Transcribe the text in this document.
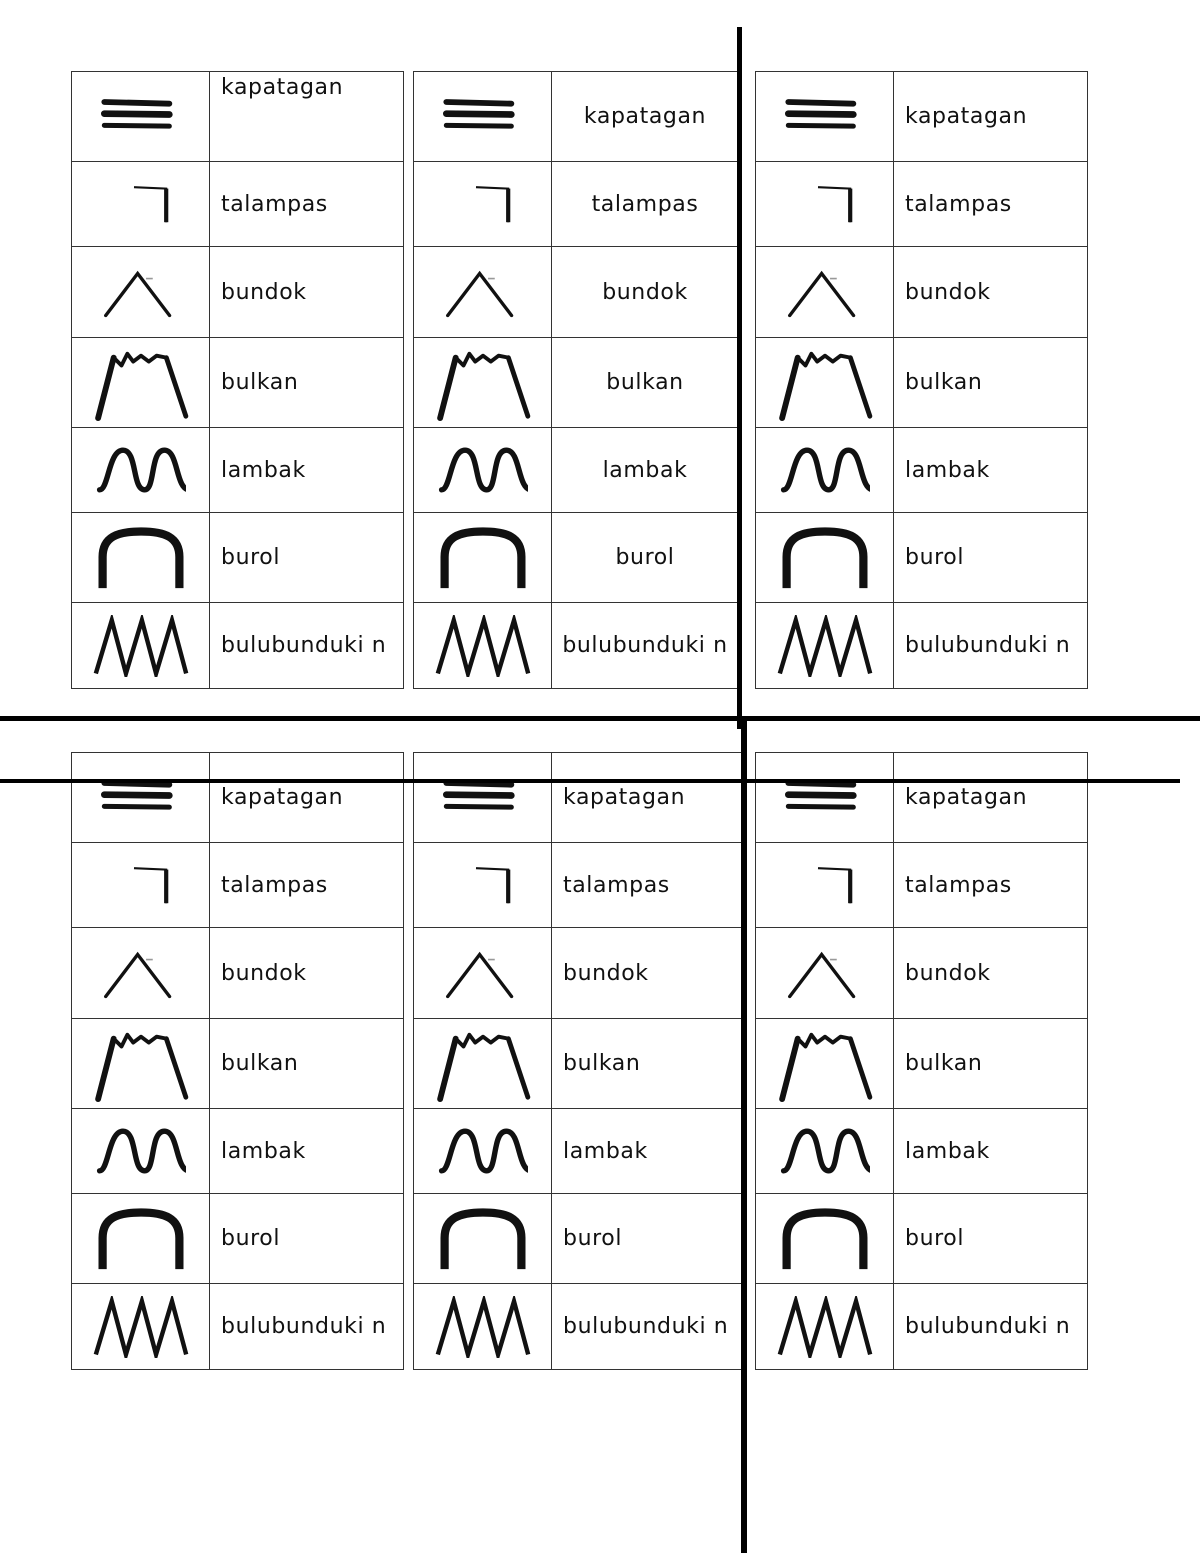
	kapatagan

	talampas

	bundok

	bulkan

	lambak

	burol

	bulubunduki n
	kapatagan

	talampas

	bundok

	bulkan

	lambak

	burol

	bulubunduki n
	kapatagan

	talampas

	bundok

	bulkan

	lambak

	burol

	bulubunduki n
	kapatagan

	talampas

	bundok

	bulkan

	lambak

	burol

	bulubunduki n
	kapatagan

	talampas

	bundok

	bulkan

	lambak

	burol

	bulubunduki n
	kapatagan

	talampas

	bundok

	bulkan

	lambak

	burol

	bulubunduki n
